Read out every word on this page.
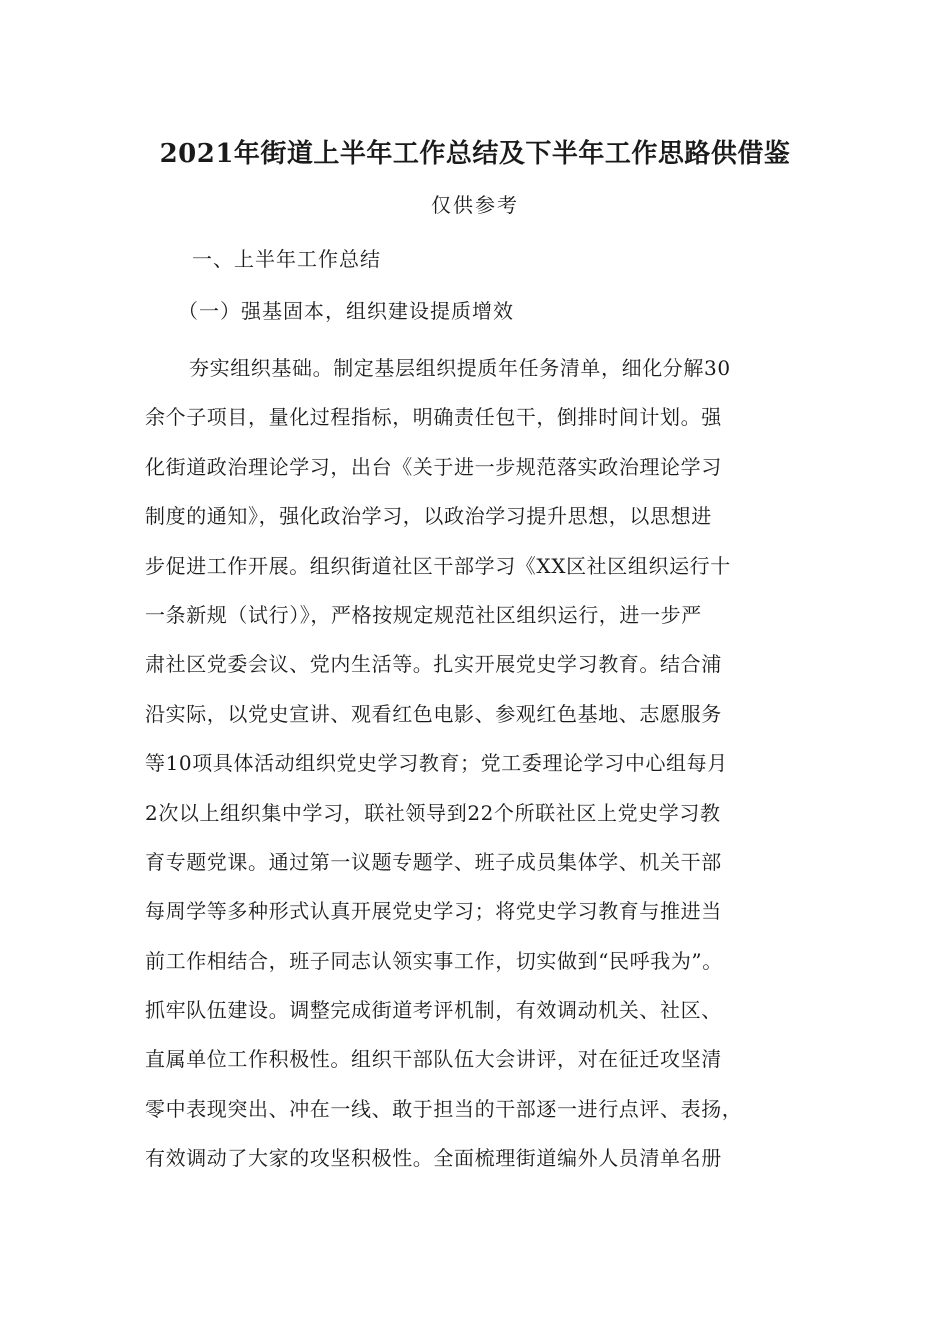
2021年街道上半年工作总结及下半年工作思路供借鉴
仅供参考
一、上半年工作总结
（一）强基固本，组织建设提质增效
夯实组织基础。制定基层组织提质年任务清单，细化分解30
余个子项目，量化过程指标，明确责任包干，倒排时间计划。强
化街道政治理论学习，出台《关于进一步规范落实政治理论学习
制度的通知》，强化政治学习，以政治学习提升思想，以思想进
步促进工作开展。组织街道社区干部学习《XX区社区组织运行十
一条新规（试行）》，严格按规定规范社区组织运行，进一步严
肃社区党委会议、党内生活等。扎实开展党史学习教育。结合浦
沿实际，以党史宣讲、观看红色电影、参观红色基地、志愿服务
等10项具体活动组织党史学习教育；党工委理论学习中心组每月
2次以上组织集中学习，联社领导到22个所联社区上党史学习教
育专题党课。通过第一议题专题学、班子成员集体学、机关干部
每周学等多种形式认真开展党史学习；将党史学习教育与推进当
前工作相结合，班子同志认领实事工作，切实做到“民呼我为”。
抓牢队伍建设。调整完成街道考评机制，有效调动机关、社区、
直属单位工作积极性。组织干部队伍大会讲评，对在征迁攻坚清
零中表现突出、冲在一线、敢于担当的干部逐一进行点评、表扬，
有效调动了大家的攻坚积极性。全面梳理街道编外人员清单名册
